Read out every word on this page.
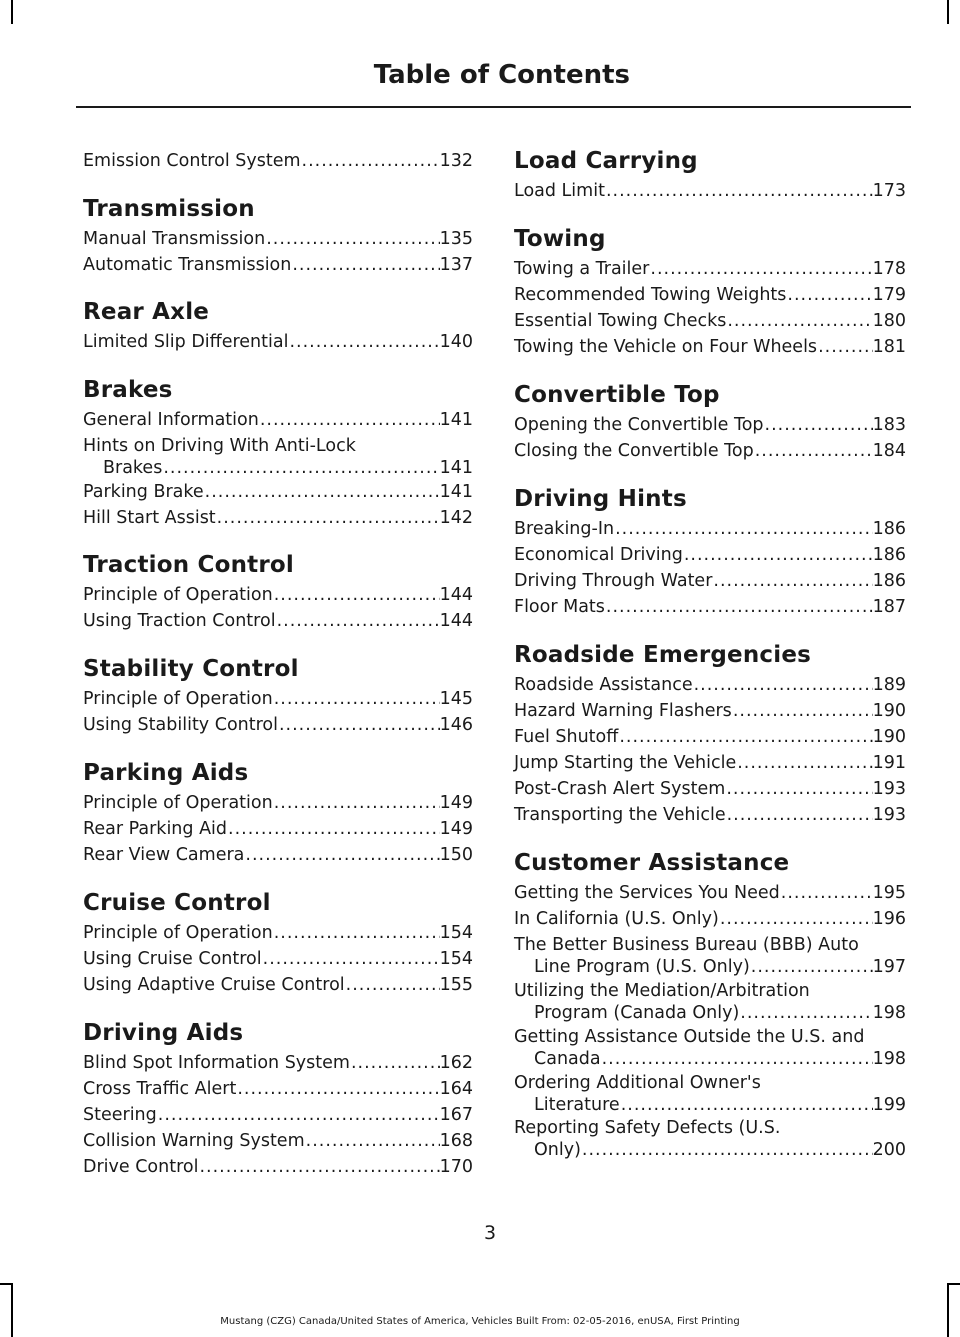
Table of Contents
Emission Control System .....	132
Transmission
Manual Transmission .....	135
Automatic Transmission .....	137
Rear Axle
Limited Slip Differential .....	140
Brakes
General Information .....	141
Hints on Driving With Anti-Lock
Brakes .....	141
Parking Brake .....	141
Hill Start Assist .....	142
Traction Control
Principle of Operation .....	144
Using Traction Control .....	144
Stability Control
Principle of Operation .....	145
Using Stability Control .....	146
Parking Aids
Principle of Operation .....	149
Rear Parking Aid .....	149
Rear View Camera .....	150
Cruise Control
Principle of Operation .....	154
Using Cruise Control .....	154
Using Adaptive Cruise Control .....	155
Driving Aids
Blind Spot Information System .....	162
Cross Traffic Alert .....	164
Steering .....	167
Collision Warning System .....	168
Drive Control .....	170
Load Carrying
Load Limit .....	173
Towing
Towing a Trailer .....	178
Recommended Towing Weights .....	179
Essential Towing Checks .....	180
Towing the Vehicle on Four Wheels .....	181
Convertible Top
Opening the Convertible Top .....	183
Closing the Convertible Top .....	184
Driving Hints
Breaking-In .....	186
Economical Driving .....	186
Driving Through Water .....	186
Floor Mats .....	187
Roadside Emergencies
Roadside Assistance .....	189
Hazard Warning Flashers .....	190
Fuel Shutoff .....	190
Jump Starting the Vehicle .....	191
Post-Crash Alert System .....	193
Transporting the Vehicle .....	193
Customer Assistance
Getting the Services You Need .....	195
In California (U.S. Only) .....	196
The Better Business Bureau (BBB) Auto
Line Program (U.S. Only) .....	197
Utilizing the Mediation/Arbitration
Program (Canada Only) .....	198
Getting Assistance Outside the U.S. and
Canada .....	198
Ordering Additional Owner's
Literature .....	199
Reporting Safety Defects (U.S.
Only) .....	200
3
Mustang (CZG) Canada/United States of America, Vehicles Built From: 02-05-2016, enUSA, First Printing
